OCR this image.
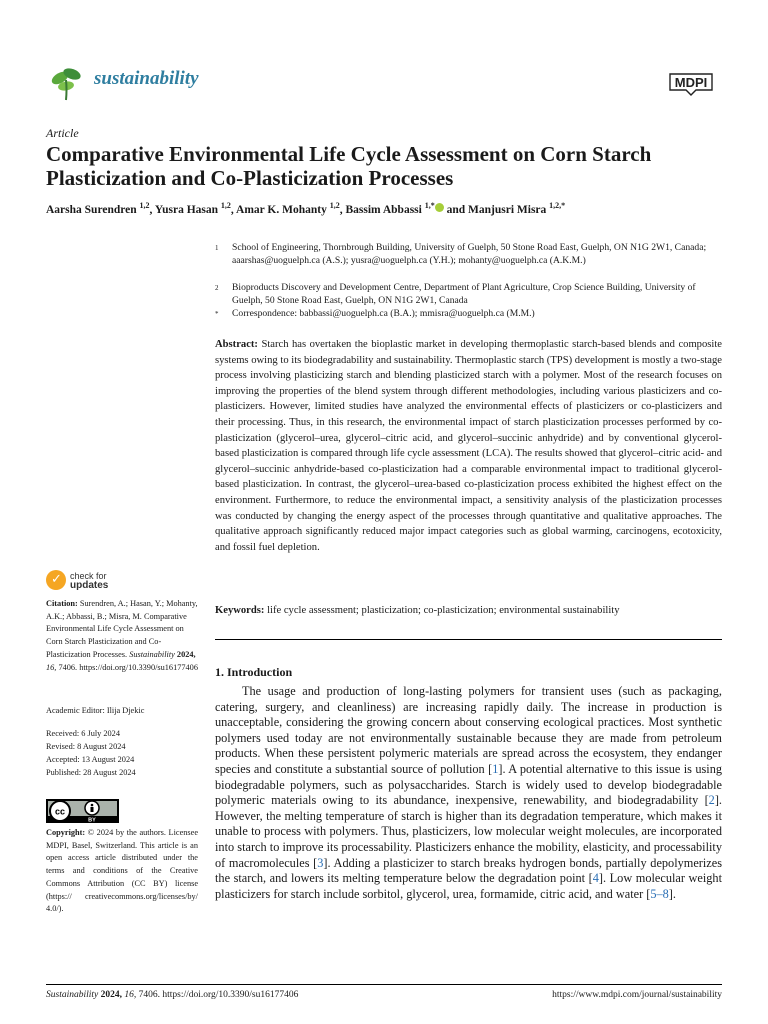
sustainability	MDPI
Article
Comparative Environmental Life Cycle Assessment on Corn Starch Plasticization and Co-Plasticization Processes
Aarsha Surendren $^{1,2}$, Yusra Hasan $^{1,2}$, Amar K. Mohanty $^{1,2}$, Bassim Abbassi $^{1,*}$ and Manjusri Misra $^{1,2,*}$
1 School of Engineering, Thornbrough Building, University of Guelph, 50 Stone Road East, Guelph, ON N1G 2W1, Canada; aaarshas@uoguelph.ca (A.S.); yusra@uoguelph.ca (Y.H.); mohanty@uoguelph.ca (A.K.M.)
2 Bioproducts Discovery and Development Centre, Department of Plant Agriculture, Crop Science Building, University of Guelph, 50 Stone Road East, Guelph, ON N1G 2W1, Canada
* Correspondence: babbassi@uoguelph.ca (B.A.); mmisra@uoguelph.ca (M.M.)
Abstract: Starch has overtaken the bioplastic market in developing thermoplastic starch-based blends and composite systems owing to its biodegradability and sustainability. Thermoplastic starch (TPS) development is mostly a two-stage process involving plasticizing starch and blending plasticized starch with a polymer. Most of the research focuses on improving the properties of the blend system through different methodologies, including various plasticizers and co-plasticizers. However, limited studies have analyzed the environmental effects of plasticizers or co-plasticizers and their processing. Thus, in this research, the environmental impact of starch plasticization processes performed by co-plasticization (glycerol–urea, glycerol–citric acid, and glycerol–succinic anhydride) and by conventional glycerol-based plasticization is compared through life cycle assessment (LCA). The results showed that glycerol–citric acid- and glycerol–succinic anhydride-based co-plasticization had a comparable environmental impact to traditional glycerol-based plasticization. In contrast, the glycerol–urea-based co-plasticization process exhibited the highest effect on the environment. Furthermore, to reduce the environmental impact, a sensitivity analysis of the plasticization processes was conducted by changing the energy aspect of the processes through quantitative and qualitative approaches. The qualitative approach significantly reduced major impact categories such as global warming, carcinogens, ecotoxicity, and fossil fuel depletion.
Keywords: life cycle assessment; plasticization; co-plasticization; environmental sustainability
1. Introduction
The usage and production of long-lasting polymers for transient uses (such as packaging, catering, surgery, and cleanliness) are increasing rapidly daily. The increase in production is unacceptable, considering the growing concern about conserving ecological practices. Most synthetic polymers used today are not environmentally sustainable because they are made from petroleum products. When these persistent polymeric materials are spread across the ecosystem, they endanger species and constitute a substantial source of pollution [1]. A potential alternative to this issue is using biodegradable polymers, such as polysaccharides. Starch is widely used to develop biodegradable polymeric materials owing to its abundance, inexpensive, renewability, and biodegradability [2]. However, the melting temperature of starch is higher than its degradation temperature, which makes it unable to process with polymers. Thus, plasticizers, low molecular weight molecules, are incorporated into starch to improve its processability. Plasticizers enhance the mobility, elasticity, and processability of macromolecules [3]. Adding a plasticizer to starch breaks hydrogen bonds, partially depolymerizes the starch, and lowers its melting temperature below the degradation point [4]. Low molecular weight plasticizers for starch include sorbitol, glycerol, urea, formamide, citric acid, and water [5–8].
✓ check for
updates
Citation: Surendren, A.; Hasan, Y.; Mohanty, A.K.; Abbassi, B.; Misra, M. Comparative Environmental Life Cycle Assessment on Corn Starch Plasticization and Co-Plasticization Processes. Sustainability 2024, 16, 7406. https://doi.org/10.3390/su16177406
Academic Editor: Ilija Djekic
Received: 6 July 2024
Revised: 8 August 2024
Accepted: 13 August 2024
Published: 28 August 2024
cc
BY
Copyright: © 2024 by the authors. Licensee MDPI, Basel, Switzerland. This article is an open access article distributed under the terms and conditions of the Creative Commons Attribution (CC BY) license (https:// creativecommons.org/licenses/by/ 4.0/).
Sustainability 2024, 16, 7406. https://doi.org/10.3390/su16177406	https://www.mdpi.com/journal/sustainability
